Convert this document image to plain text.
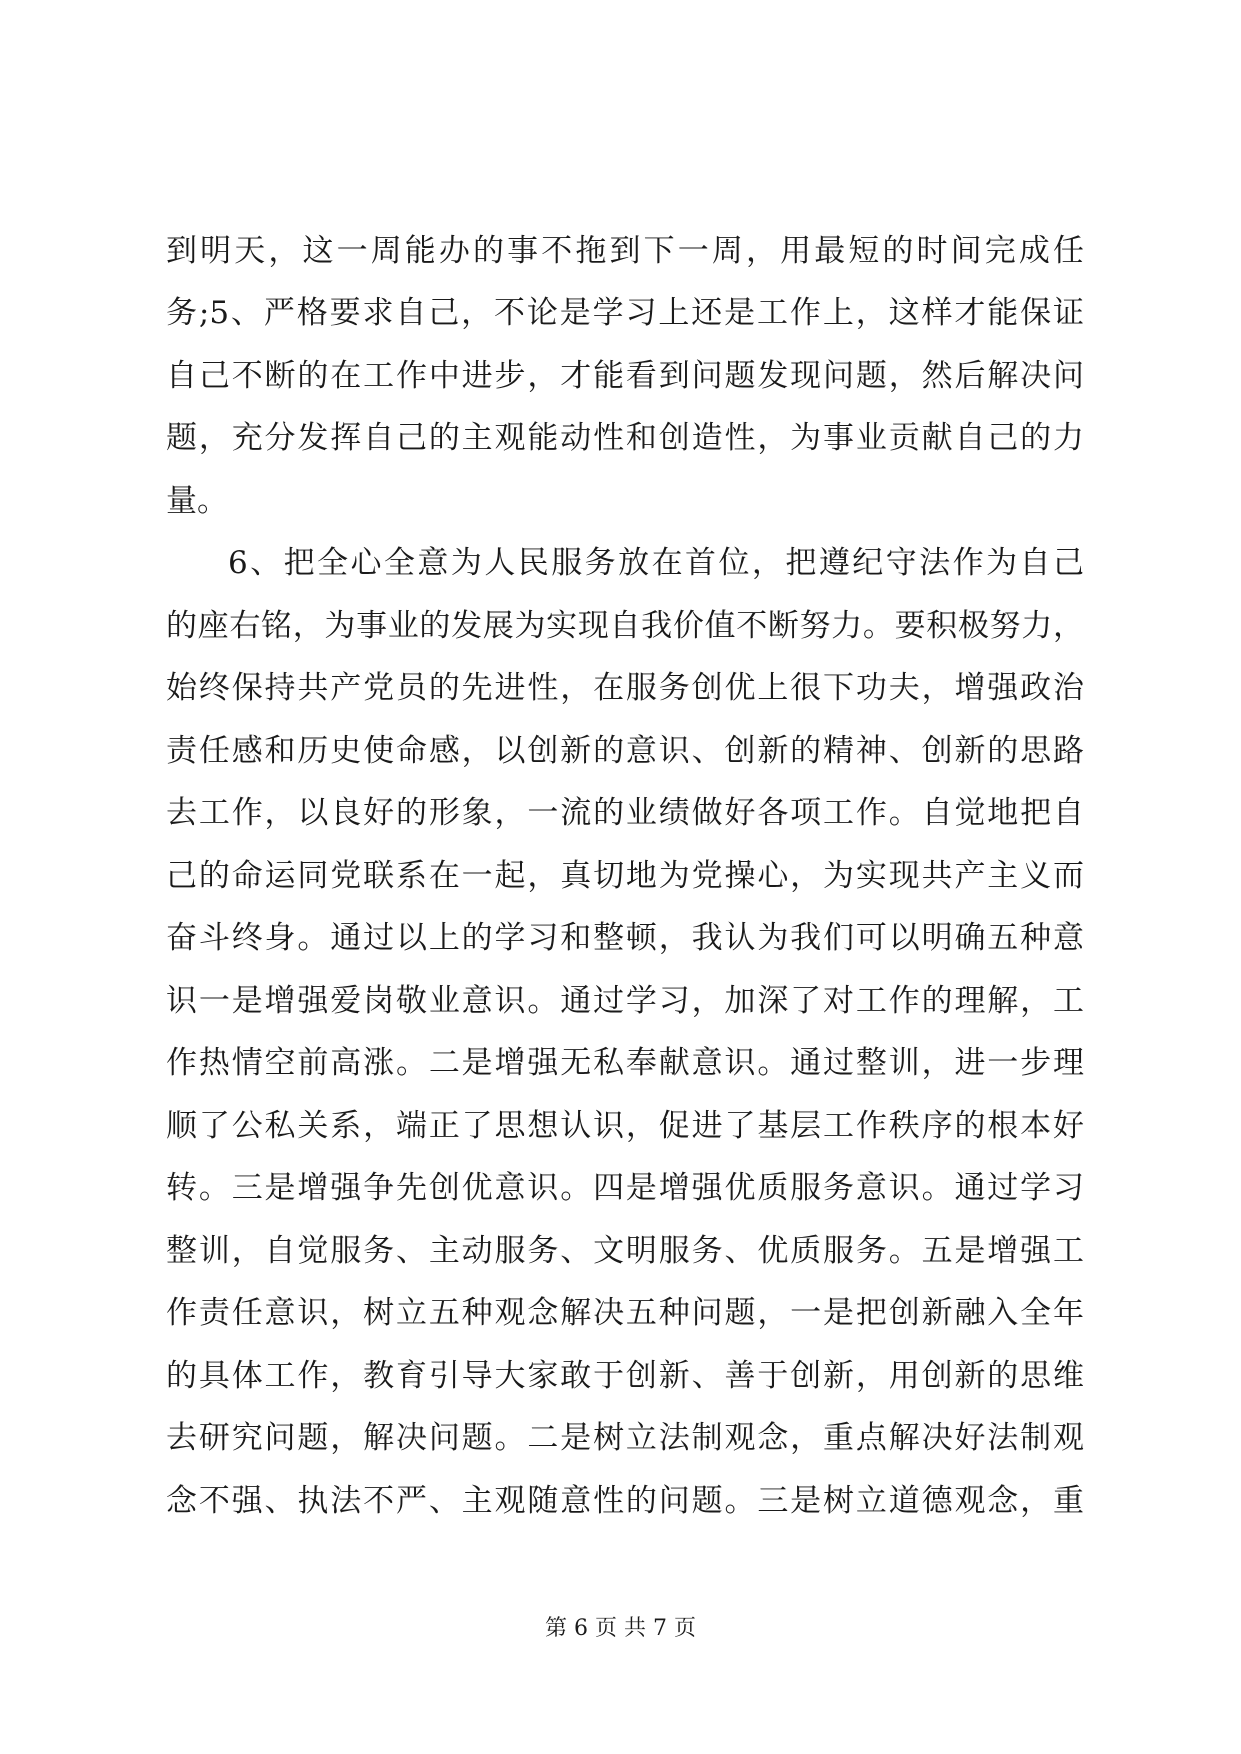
到明天，这一周能办的事不拖到下一周，用最短的时间完成任
务;5、严格要求自己，不论是学习上还是工作上，这样才能保证
自己不断的在工作中进步，才能看到问题发现问题，然后解决问
题，充分发挥自己的主观能动性和创造性，为事业贡献自己的力
量。
6、把全心全意为人民服务放在首位，把遵纪守法作为自己
的座右铭，为事业的发展为实现自我价值不断努力。要积极努力，
始终保持共产党员的先进性，在服务创优上很下功夫，增强政治
责任感和历史使命感，以创新的意识、创新的精神、创新的思路
去工作，以良好的形象，一流的业绩做好各项工作。自觉地把自
己的命运同党联系在一起，真切地为党操心，为实现共产主义而
奋斗终身。通过以上的学习和整顿，我认为我们可以明确五种意
识一是增强爱岗敬业意识。通过学习，加深了对工作的理解，工
作热情空前高涨。二是增强无私奉献意识。通过整训，进一步理
顺了公私关系，端正了思想认识，促进了基层工作秩序的根本好
转。三是增强争先创优意识。四是增强优质服务意识。通过学习
整训，自觉服务、主动服务、文明服务、优质服务。五是增强工
作责任意识，树立五种观念解决五种问题，一是把创新融入全年
的具体工作，教育引导大家敢于创新、善于创新，用创新的思维
去研究问题，解决问题。二是树立法制观念，重点解决好法制观
念不强、执法不严、主观随意性的问题。三是树立道德观念，重
第 6 页 共 7 页
